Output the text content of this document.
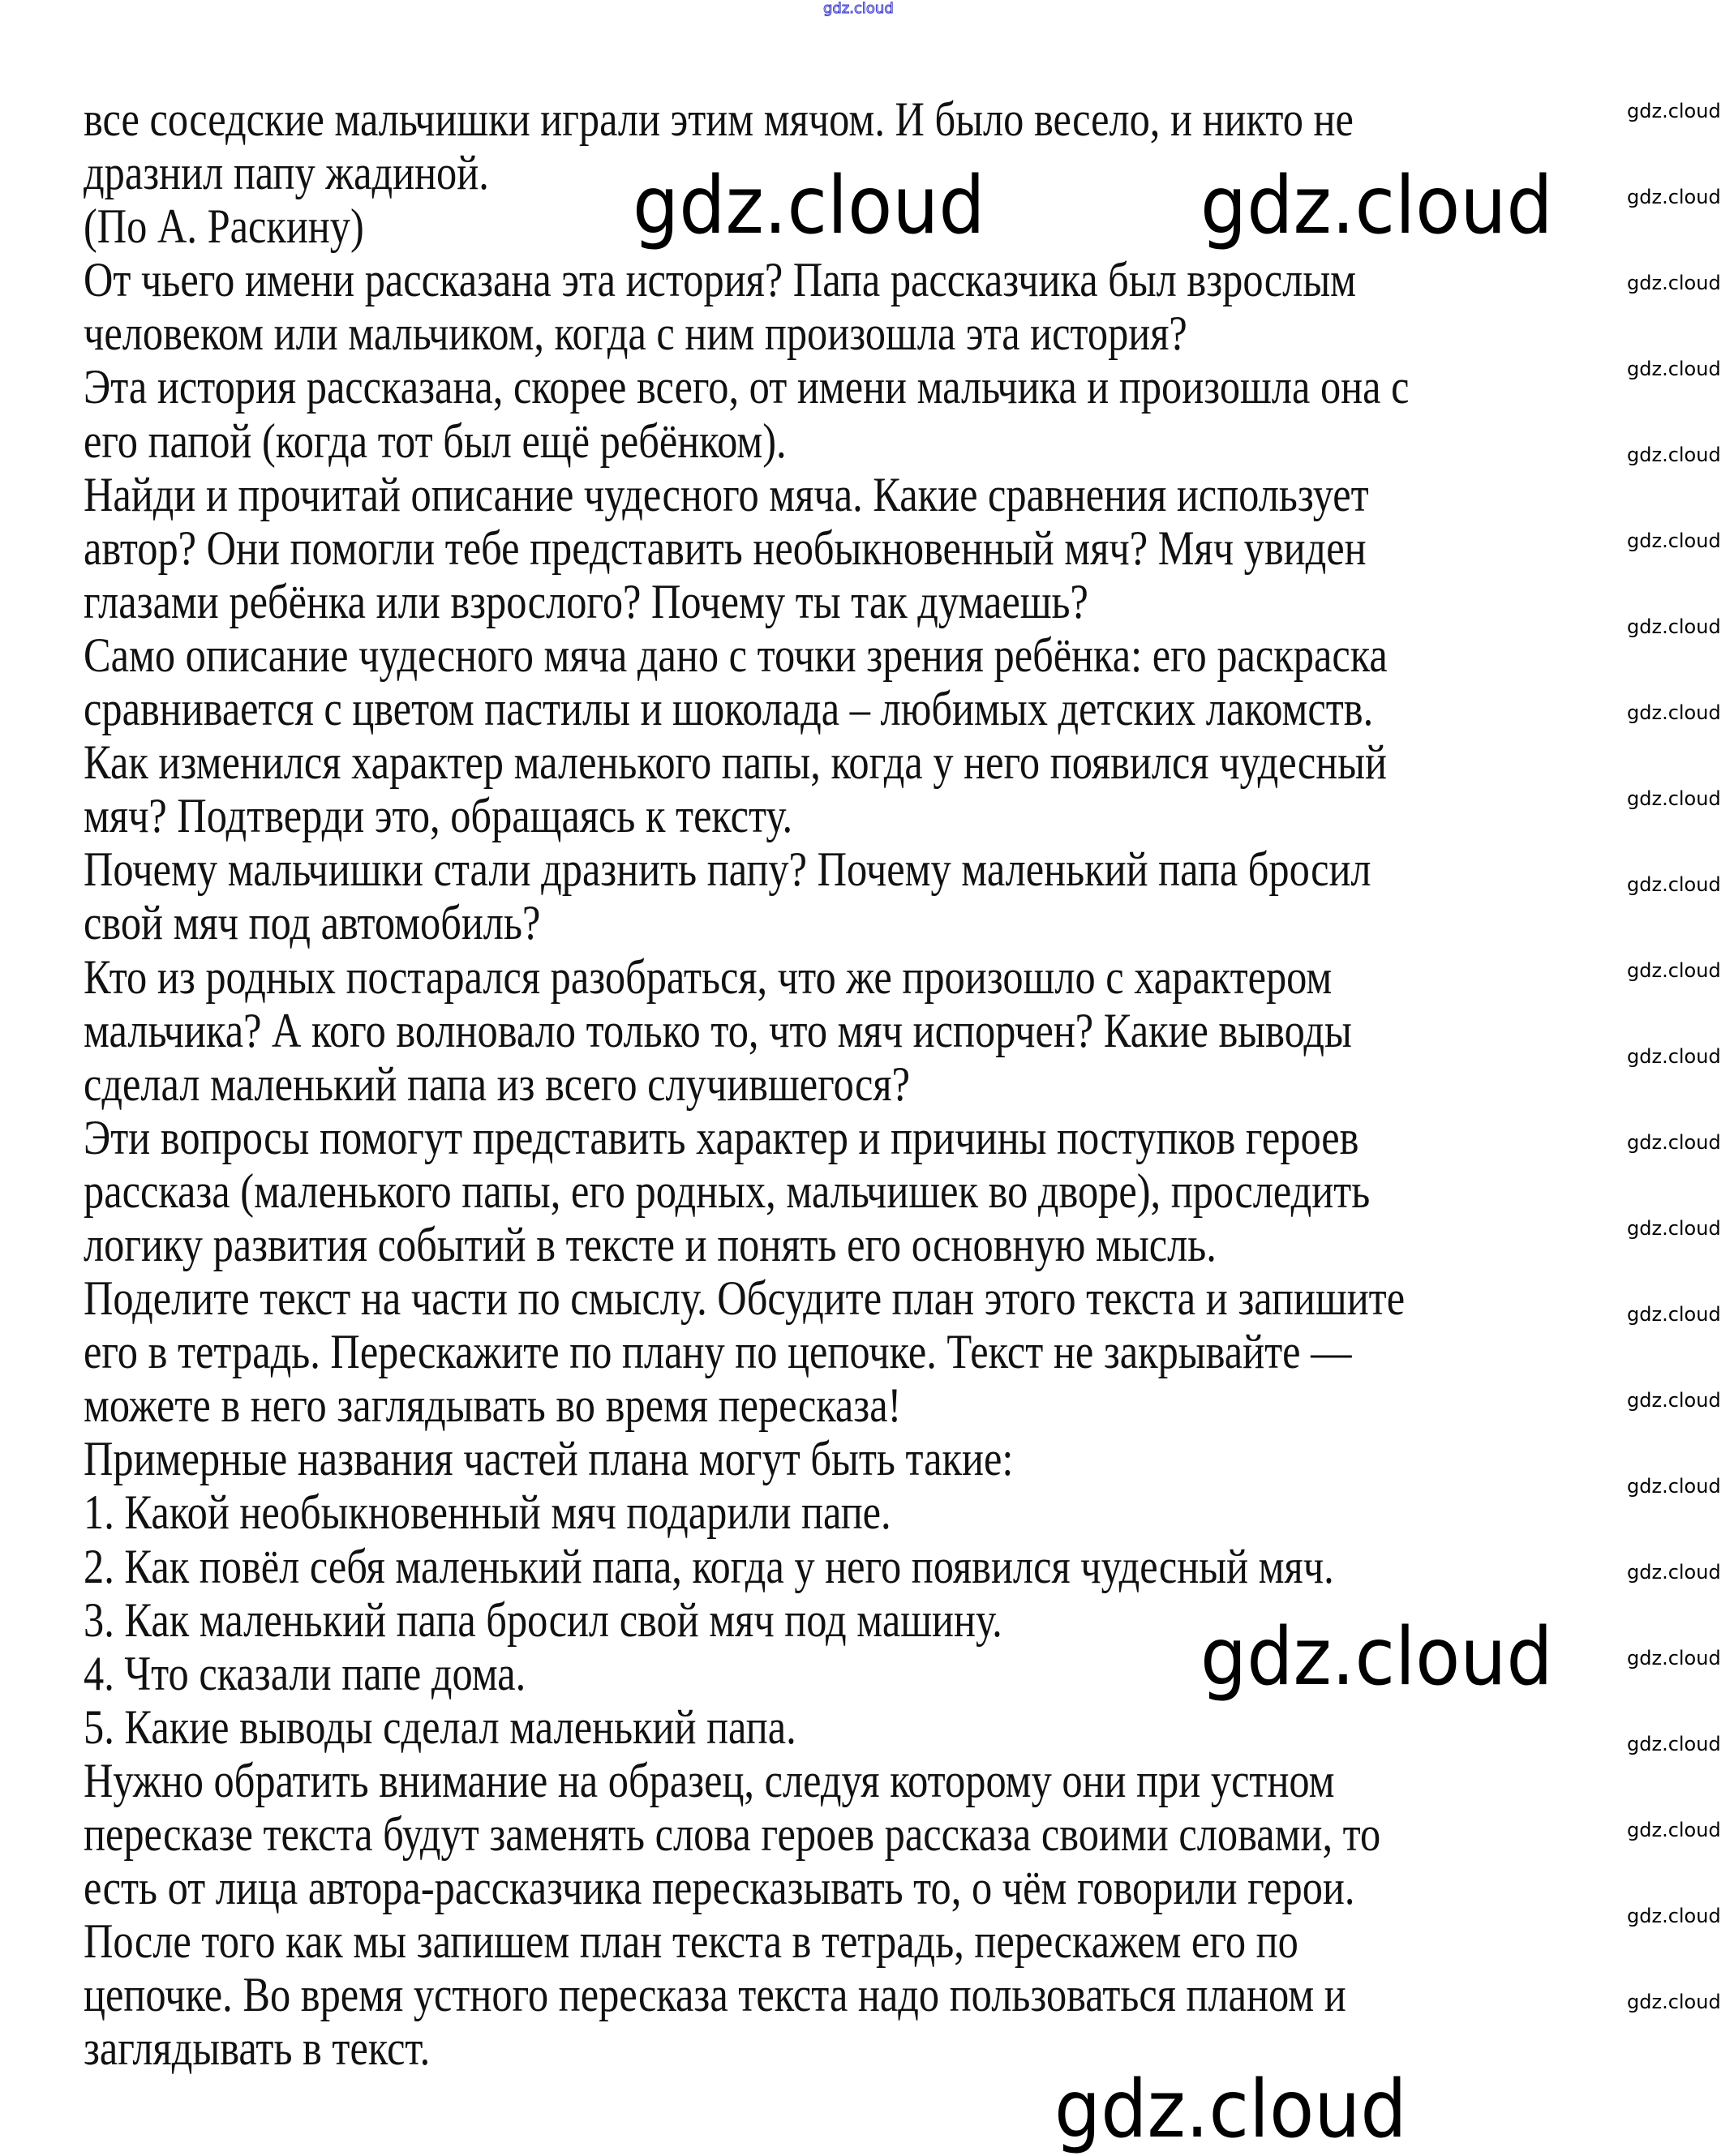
все соседские мальчишки играли этим мячом. И было весело, и никто не
дразнил папу жадиной.
(По А. Раскину)
От чьего имени рассказана эта история? Папа рассказчика был взрослым
человеком или мальчиком, когда с ним произошла эта история?
Эта история рассказана, скорее всего, от имени мальчика и произошла она с
его папой (когда тот был ещё ребёнком).
Найди и прочитай описание чудесного мяча. Какие сравнения использует
автор? Они помогли тебе представить необыкновенный мяч? Мяч увиден
глазами ребёнка или взрослого? Почему ты так думаешь?
Само описание чудесного мяча дано с точки зрения ребёнка: его раскраска
сравнивается с цветом пастилы и шоколада – любимых детских лакомств.
Как изменился характер маленького папы, когда у него появился чудесный
мяч? Подтверди это, обращаясь к тексту.
Почему мальчишки стали дразнить папу? Почему маленький папа бросил
свой мяч под автомобиль?
Кто из родных постарался разобраться, что же произошло с характером
мальчика? А кого волновало только то, что мяч испорчен? Какие выводы
сделал маленький папа из всего случившегося?
Эти вопросы помогут представить характер и причины поступков героев
рассказа (маленького папы, его родных, мальчишек во дворе), проследить
логику развития событий в тексте и понять его основную мысль.
Поделите текст на части по смыслу. Обсудите план этого текста и запишите
его в тетрадь. Перескажите по плану по цепочке. Текст не закрывайте —
можете в него заглядывать во время пересказа!
Примерные названия частей плана могут быть такие:
1. Какой необыкновенный мяч подарили папе.
2. Как повёл себя маленький папа, когда у него появился чудесный мяч.
3. Как маленький папа бросил свой мяч под машину.
4. Что сказали папе дома.
5. Какие выводы сделал маленький папа.
Нужно обратить внимание на образец, следуя которому они при устном
пересказе текста будут заменять слова героев рассказа своими словами, то
есть от лица автора-рассказчика пересказывать то, о чём говорили герои.
После того как мы запишем план текста в тетрадь, перескажем его по
цепочке. Во время устного пересказа текста надо пользоваться планом и
заглядывать в текст.
gdz.cloud
gdz.cloud	gdz.cloud
gdz.cloud
gdz.cloud
gdz.cloud
gdz.cloud
gdz.cloud
gdz.cloud
gdz.cloud
gdz.cloud
gdz.cloud
gdz.cloud
gdz.cloud
gdz.cloud
gdz.cloud
gdz.cloud
gdz.cloud
gdz.cloud
gdz.cloud
gdz.cloud
gdz.cloud
gdz.cloud
gdz.cloud
gdz.cloud
gdz.cloud
gdz.cloud
gdz.cloud
